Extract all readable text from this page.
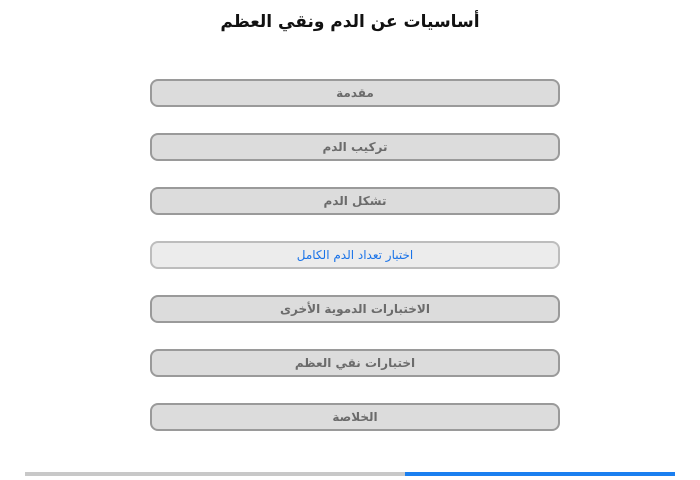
أساسيات عن الدم ونقي العظم
مقدمة
تركيب الدم
تشكل الدم
اختبار تعداد الدم الكامل
الاختبارات الدموية الأخرى
اختبارات نقي العظم
الخلاصة
